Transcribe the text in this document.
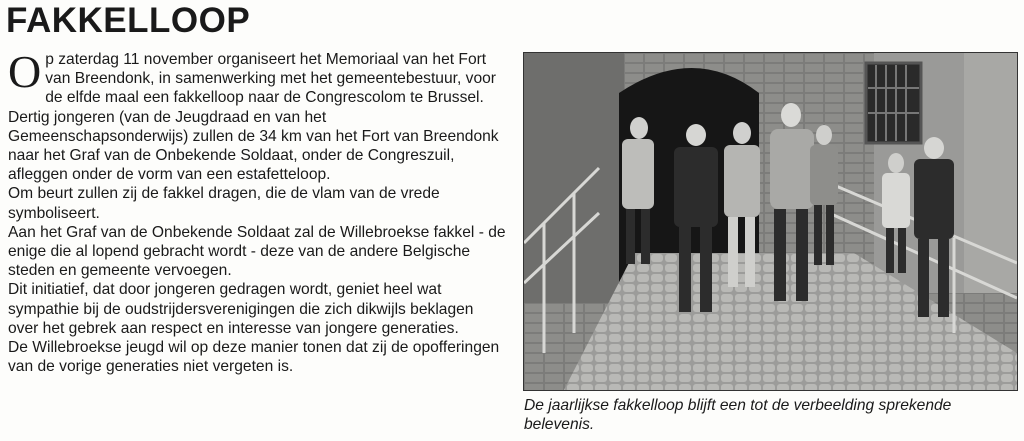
FAKKELLOOP
O p zaterdag 11 november organiseert het Memoriaal van het Fort van Breendonk, in samenwerking met het gemeentebestuur, voor de elfde maal een fakkelloop naar de Congrescolom te Brussel.

Dertig jongeren (van de Jeugdraad en van het Gemeenschapsonderwijs) zullen de 34 km van het Fort van Breendonk naar het Graf van de Onbekende Soldaat, onder de Congreszuil, afleggen onder de vorm van een estafetteloop.

Om beurt zullen zij de fakkel dragen, die de vlam van de vrede symboliseert.

Aan het Graf van de Onbekende Soldaat zal de Willebroekse fakkel - de enige die al lopend gebracht wordt - deze van de andere Belgische steden en gemeente vervoegen.

Dit initiatief, dat door jongeren gedragen wordt, geniet heel wat sympathie bij de oudstrijdersverenigingen die zich dikwijls beklagen over het gebrek aan respect en interesse van jongere generaties.

De Willebroekse jeugd wil op deze manier tonen dat zij de opofferingen van de vorige generaties niet vergeten is.

De jaarlijkse fakkelloop blijft een tot de verbeelding sprekende belevenis.
